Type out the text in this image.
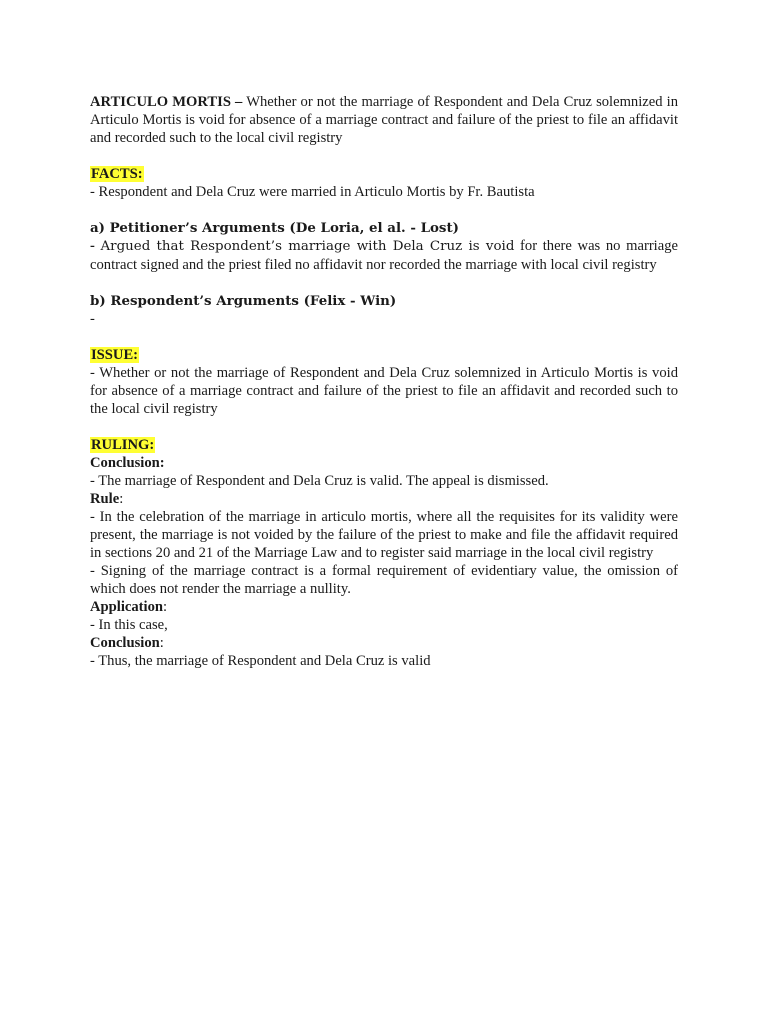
ARTICULO MORTIS – Whether or not the marriage of Respondent and Dela Cruz solemnized in Articulo Mortis is void for absence of a marriage contract and failure of the priest to file an affidavit and recorded such to the local civil registry

FACTS:

- Respondent and Dela Cruz were married in Articulo Mortis by Fr. Bautista

a) Petitioner’s Arguments (De Loria, el al. - Lost)

- Argued that Respondent’s marriage with Dela Cruz is void for there was no marriage contract signed and the priest filed no affidavit nor recorded the marriage with local civil registry

b) Respondent’s Arguments (Felix - Win)

-

ISSUE:

- Whether or not the marriage of Respondent and Dela Cruz solemnized in Articulo Mortis is void for absence of a marriage contract and failure of the priest to file an affidavit and recorded such to the local civil registry

RULING:

Conclusion:

- The marriage of Respondent and Dela Cruz is valid. The appeal is dismissed.

Rule:

- In the celebration of the marriage in articulo mortis, where all the requisites for its validity were present, the marriage is not voided by the failure of the priest to make and file the affidavit required in sections 20 and 21 of the Marriage Law and to register said marriage in the local civil registry

- Signing of the marriage contract is a formal requirement of evidentiary value, the omission of which does not render the marriage a nullity.

Application:

- In this case,

Conclusion:

- Thus, the marriage of Respondent and Dela Cruz is valid
